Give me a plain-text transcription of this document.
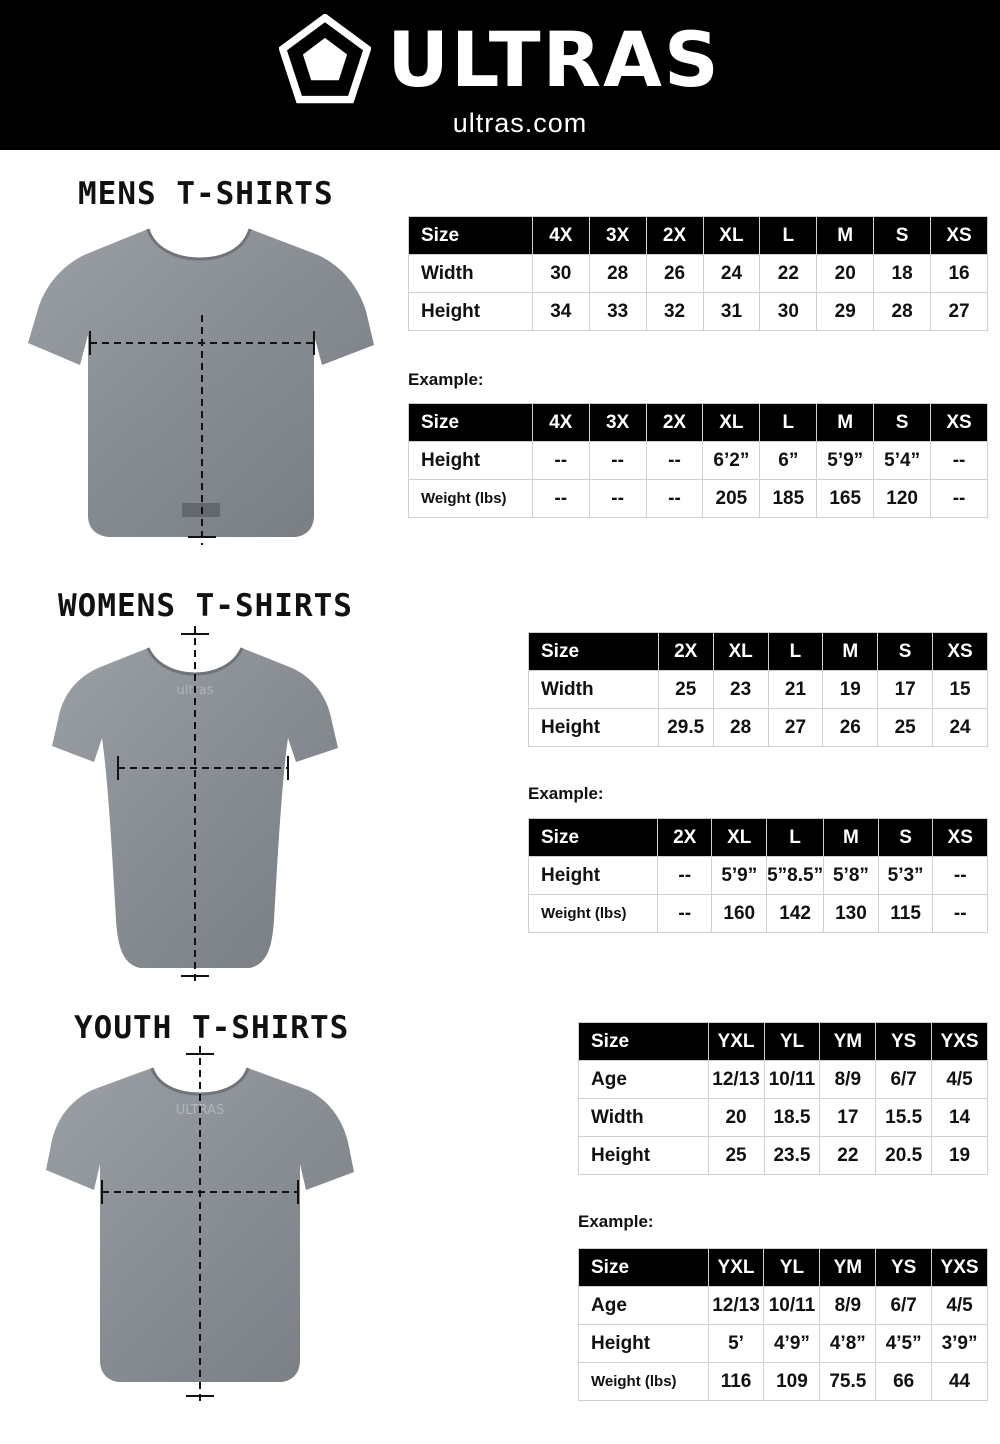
ULTRAS
ultras.com
MENS T-SHIRTS
Size	4X	3X	2X	XL	L	M	S	XS
Width	30	28	26	24	22	20	18	16
Height	34	33	32	31	30	29	28	27
Example:
Size	4X	3X	2X	XL	L	M	S	XS
Height	--	--	--	6’2”	6”	5’9”	5’4”	--

Weight (lbs)	--	--	--	205	185	165	120	--
WOMENS T-SHIRTS
ultras
Size	2X	XL	L	M	S	XS
Width	25	23	21	19	17	15
Height	29.5	28	27	26	25	24
Example:
Size	2X	XL	L	M	S	XS
Height	--	5’9”	5”8.5”	5’8”	5’3”	--

Weight (lbs)	--	160	142	130	115	--
YOUTH T-SHIRTS
ULTRAS
Size	YXL	YL	YM	YS	YXS
Age	12/13	10/11	8/9	6/7	4/5
Width	20	18.5	17	15.5	14
Height	25	23.5	22	20.5	19
Example:
Size	YXL	YL	YM	YS	YXS
Age	12/13	10/11	8/9	6/7	4/5
Height	5’	4’9”	4’8”	4’5”	3’9”

Weight (lbs)	116	109	75.5	66	44
